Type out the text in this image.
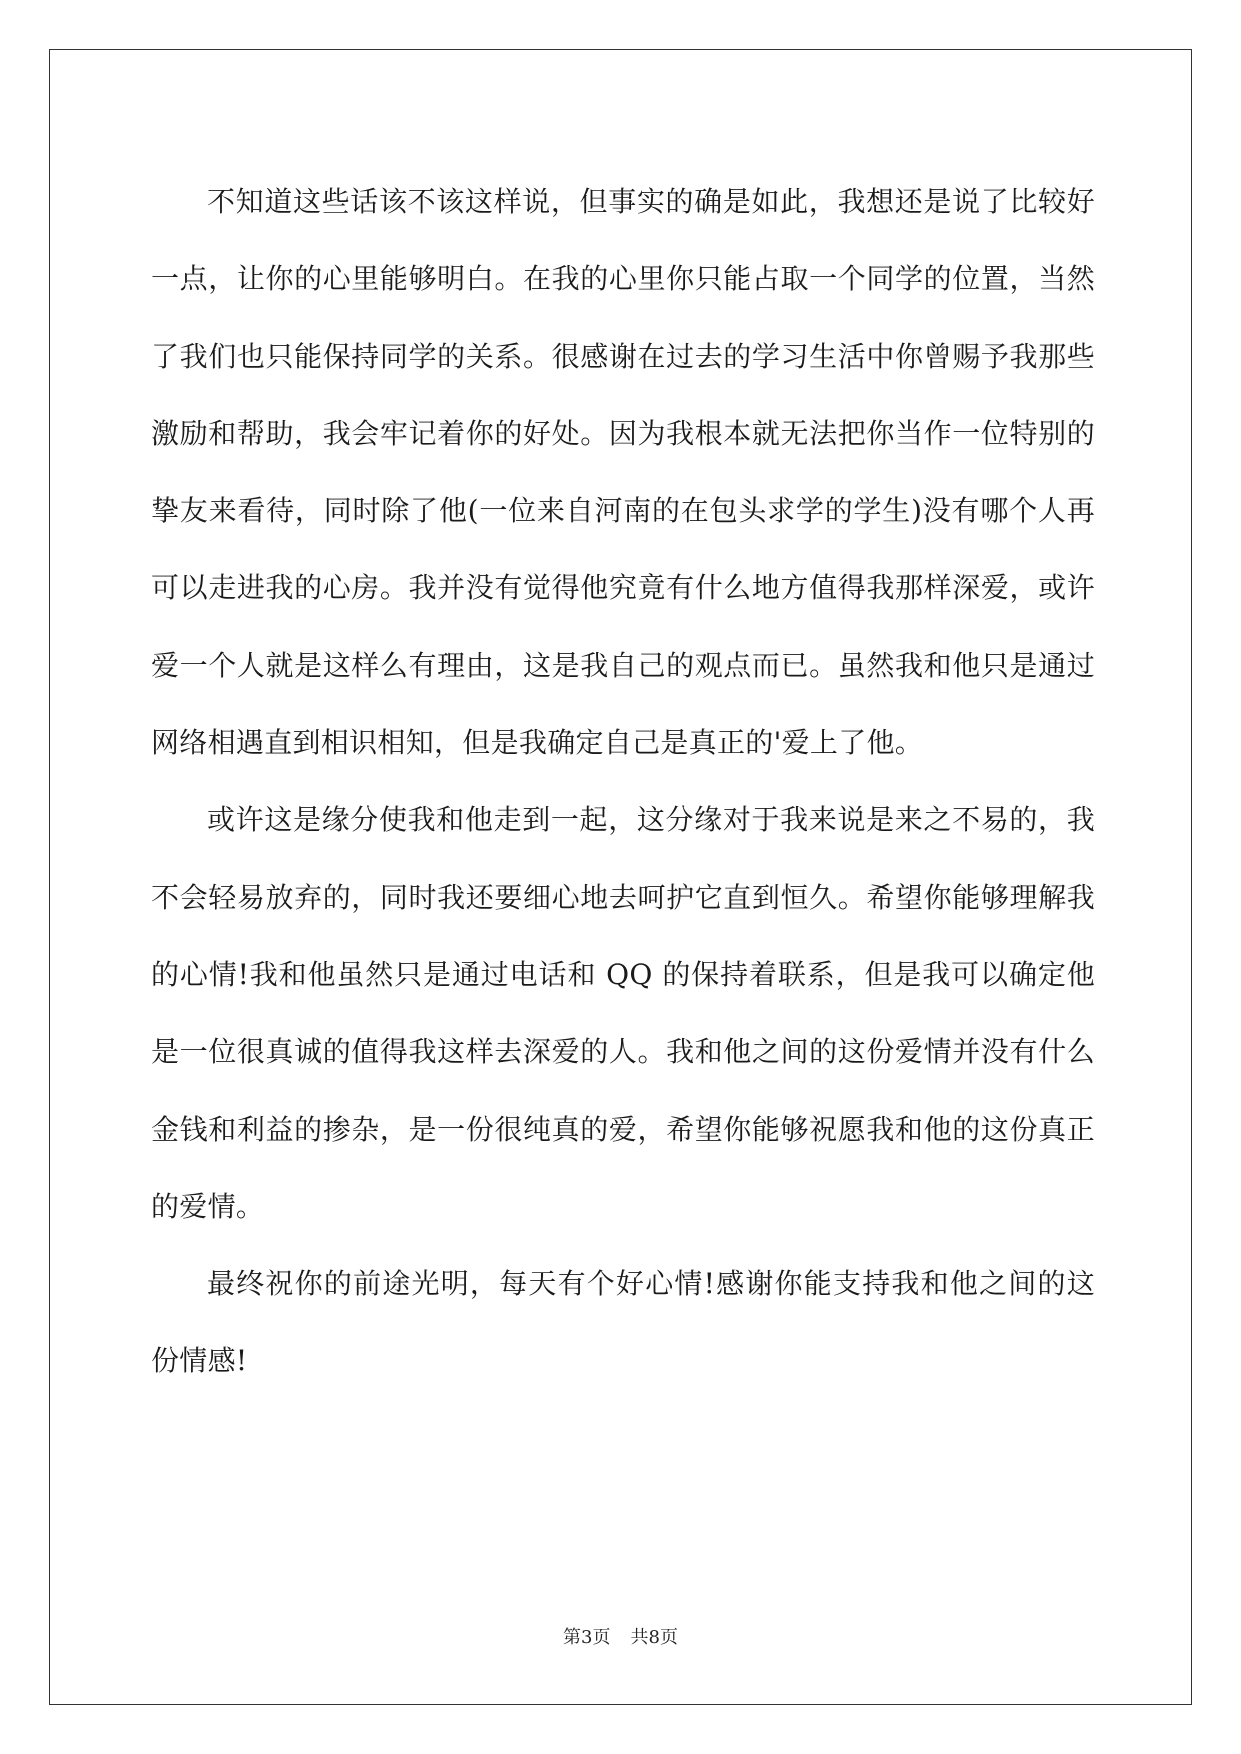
不知道这些话该不该这样说，但事实的确是如此，我想还是说了比较好一点，让你的心里能够明白。在我的心里你只能占取一个同学的位置，当然了我们也只能保持同学的关系。很感谢在过去的学习生活中你曾赐予我那些激励和帮助，我会牢记着你的好处。因为我根本就无法把你当作一位特别的挚友来看待，同时除了他(一位来自河南的在包头求学的学生)没有哪个人再可以走进我的心房。我并没有觉得他究竟有什么地方值得我那样深爱，或许爱一个人就是这样么有理由，这是我自己的观点而已。虽然我和他只是通过网络相遇直到相识相知，但是我确定自己是真正的'爱上了他。

或许这是缘分使我和他走到一起，这分缘对于我来说是来之不易的，我不会轻易放弃的，同时我还要细心地去呵护它直到恒久。希望你能够理解我的心情!我和他虽然只是通过电话和 QQ 的保持着联系，但是我可以确定他是一位很真诚的值得我这样去深爱的人。我和他之间的这份爱情并没有什么金钱和利益的掺杂，是一份很纯真的爱，希望你能够祝愿我和他的这份真正的爱情。

最终祝你的前途光明，每天有个好心情!感谢你能支持我和他之间的这份情感!

第3页 共8页
